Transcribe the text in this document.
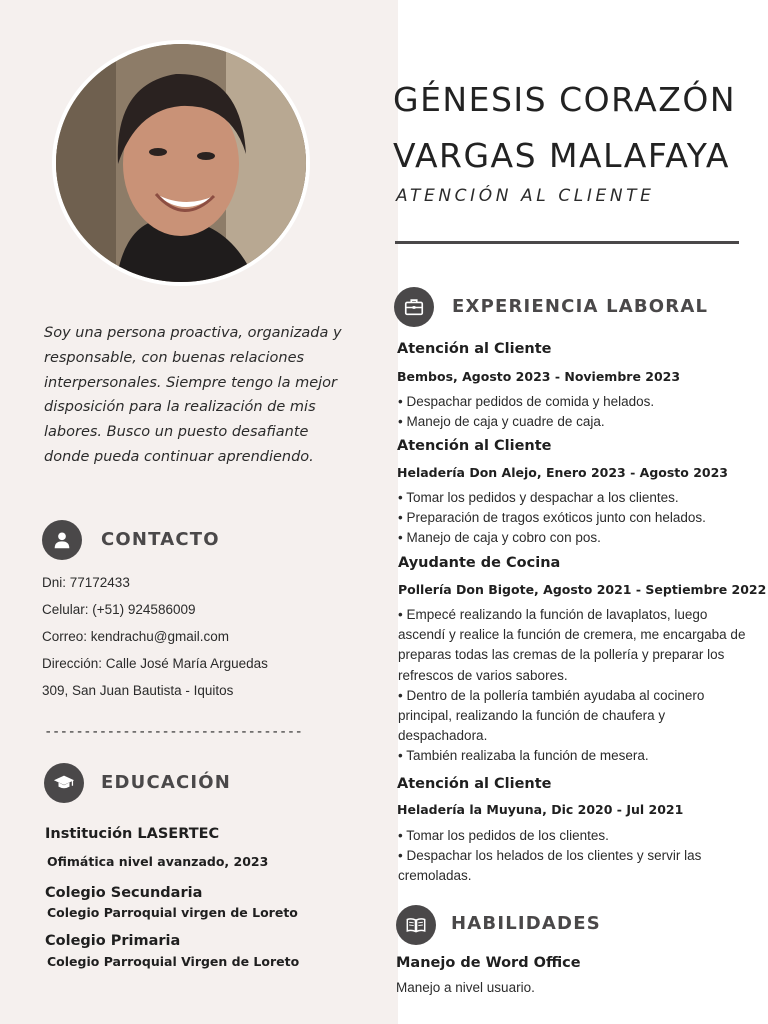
Soy una persona proactiva, organizada y responsable, con buenas relaciones interpersonales. Siempre tengo la mejor disposición para la realización de mis labores. Busco un puesto desafiante donde pueda continuar aprendiendo.

CONTACTO
Dni: 77172433
Celular: (+51) 924586009
Correo: kendrachu@gmail.com
Dirección: Calle José María Arguedas
309, San Juan Bautista - Iquitos
---------------------------------
EDUCACIÓN
Institución LASERTEC
Ofimática nivel avanzado, 2023
Colegio Secundaria
Colegio Parroquial virgen de Loreto
Colegio Primaria
Colegio Parroquial Virgen de Loreto
GÉNESIS CORAZÓN
VARGAS MALAFAYA
ATENCIÓN AL CLIENTE
EXPERIENCIA LABORAL
Atención al Cliente
Bembos, Agosto 2023 - Noviembre 2023

• Despachar pedidos de comida y helados.

• Manejo de caja y cuadre de caja.

Atención al Cliente
Heladería Don Alejo, Enero 2023 - Agosto 2023

• Tomar los pedidos y despachar a los clientes.

• Preparación de tragos exóticos junto con helados.

• Manejo de caja y cobro con pos.

Ayudante de Cocina
Pollería Don Bigote, Agosto 2021 - Septiembre 2022

• Empecé realizando la función de lavaplatos, luego ascendí y realice la función de cremera, me encargaba de preparas todas las cremas de la pollería y preparar los refrescos de varios sabores.

• Dentro de la pollería también ayudaba al cocinero principal, realizando la función de chaufera y despachadora.

• También realizaba la función de mesera.

Atención al Cliente
Heladería la Muyuna, Dic 2020 - Jul 2021

• Tomar los pedidos de los clientes.

• Despachar los helados de los clientes y servir las cremoladas.

HABILIDADES
Manejo de Word Office
Manejo a nivel usuario.
